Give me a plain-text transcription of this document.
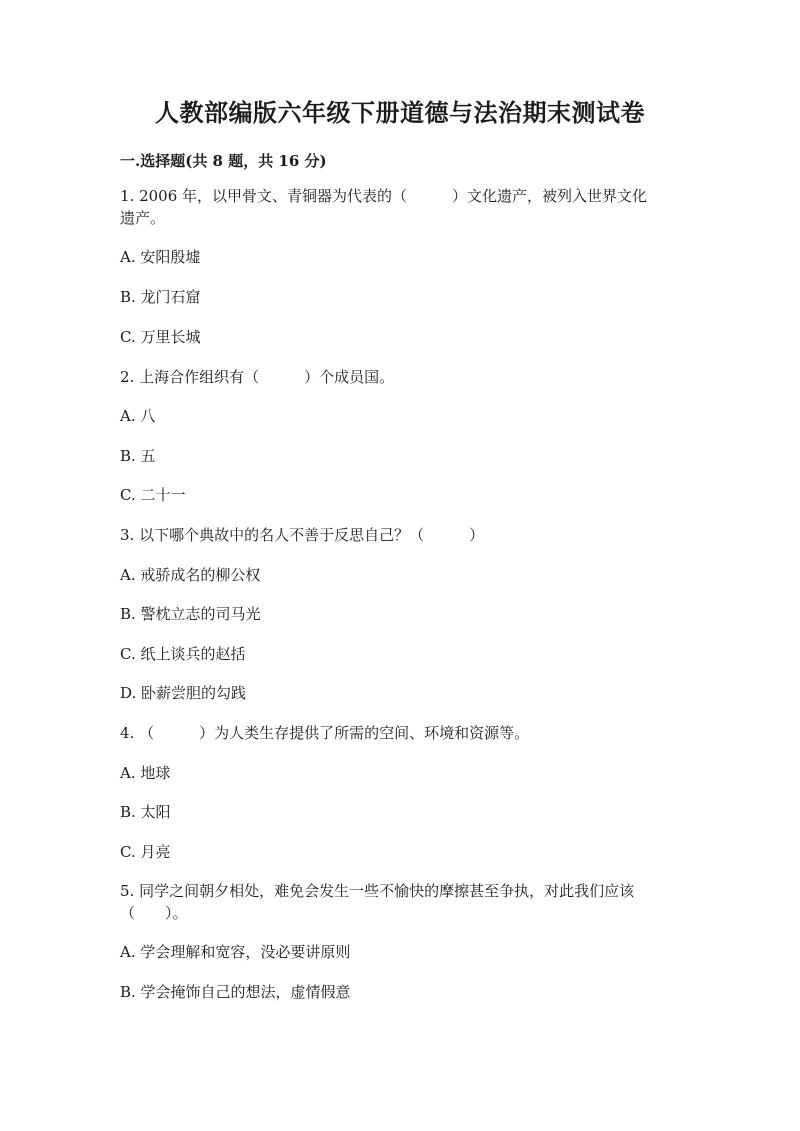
人教部编版六年级下册道德与法治期末测试卷
一.选择题(共 8 题，共 16 分)
1. 2006 年，以甲骨文、青铜器为代表的（　　　）文化遗产，被列入世界文化
遗产。
A. 安阳殷墟
B. 龙门石窟
C. 万里长城
2. 上海合作组织有（　　　）个成员国。
A. 八
B. 五
C. 二十一
3. 以下哪个典故中的名人不善于反思自己？（　　　）
A. 戒骄成名的柳公权
B. 警枕立志的司马光
C. 纸上谈兵的赵括
D. 卧薪尝胆的勾践
4. （　　　）为人类生存提供了所需的空间、环境和资源等。
A. 地球
B. 太阳
C. 月亮
5. 同学之间朝夕相处，难免会发生一些不愉快的摩擦甚至争执，对此我们应该
（　　）。
A. 学会理解和宽容，没必要讲原则
B. 学会掩饰自己的想法，虚情假意
